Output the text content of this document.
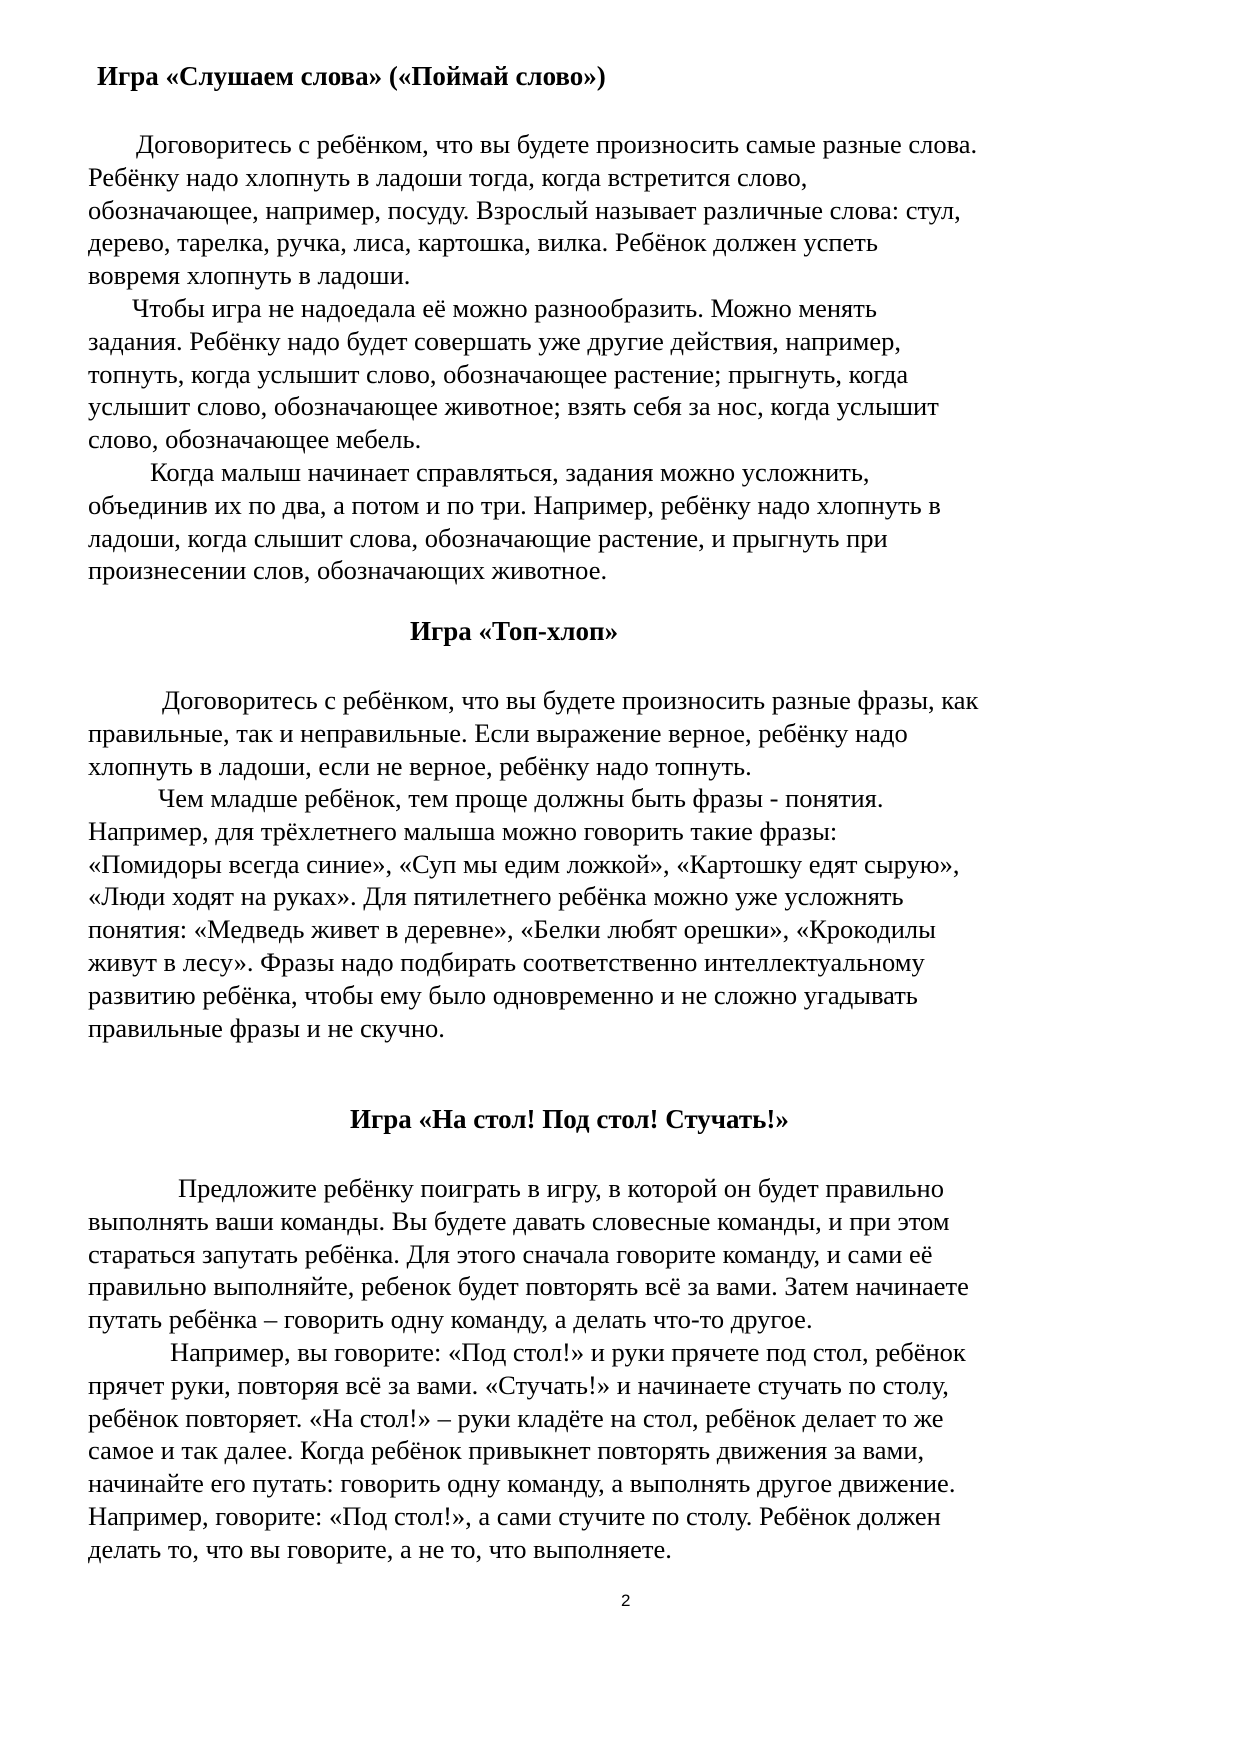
Игра «Слушаем слова» («Поймай слово»)
Договоритесь с ребёнком, что вы будете произносить самые разные слова.
Ребёнку надо хлопнуть в ладоши тогда, когда встретится слово,
обозначающее, например, посуду. Взрослый называет различные слова: стул,
дерево, тарелка, ручка, лиса, картошка, вилка. Ребёнок должен успеть
вовремя хлопнуть в ладоши.
Чтобы игра не надоедала её можно разнообразить. Можно менять
задания. Ребёнку надо будет совершать уже другие действия, например,
топнуть, когда услышит слово, обозначающее растение; прыгнуть, когда
услышит слово, обозначающее животное; взять себя за нос, когда услышит
слово, обозначающее мебель.
Когда малыш начинает справляться, задания можно усложнить,
объединив их по два, а потом и по три. Например, ребёнку надо хлопнуть в
ладоши, когда слышит слова, обозначающие растение, и прыгнуть при
произнесении слов, обозначающих животное.
Игра «Топ-хлоп»
Договоритесь с ребёнком, что вы будете произносить разные фразы, как
правильные, так и неправильные. Если выражение верное, ребёнку надо
хлопнуть в ладоши, если не верное, ребёнку надо топнуть.
Чем младше ребёнок, тем проще должны быть фразы - понятия.
Например, для трёхлетнего малыша можно говорить такие фразы:
«Помидоры всегда синие», «Суп мы едим ложкой», «Картошку едят сырую»,
«Люди ходят на руках». Для пятилетнего ребёнка можно уже усложнять
понятия: «Медведь живет в деревне», «Белки любят орешки», «Крокодилы
живут в лесу». Фразы надо подбирать соответственно интеллектуальному
развитию ребёнка, чтобы ему было одновременно и не сложно угадывать
правильные фразы и не скучно.
Игра «На стол! Под стол! Стучать!»
Предложите ребёнку поиграть в игру, в которой он будет правильно
выполнять ваши команды. Вы будете давать словесные команды, и при этом
стараться запутать ребёнка. Для этого сначала говорите команду, и сами её
правильно выполняйте, ребенок будет повторять всё за вами. Затем начинаете
путать ребёнка – говорить одну команду, а делать что-то другое.
Например, вы говорите: «Под стол!» и руки прячете под стол, ребёнок
прячет руки, повторяя всё за вами. «Стучать!» и начинаете стучать по столу,
ребёнок повторяет. «На стол!» – руки кладёте на стол, ребёнок делает то же
самое и так далее. Когда ребёнок привыкнет повторять движения за вами,
начинайте его путать: говорить одну команду, а выполнять другое движение.
Например, говорите: «Под стол!», а сами стучите по столу. Ребёнок должен
делать то, что вы говорите, а не то, что выполняете.
2
